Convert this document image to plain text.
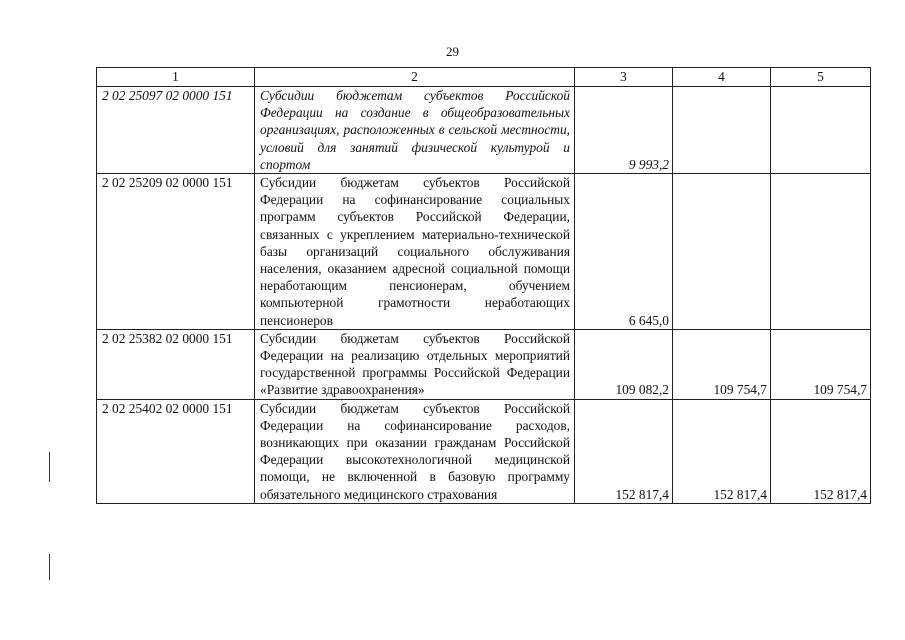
29
1	2	3	4	5
2 02 25097 02 0000 151	Субсидии бюджетам субъектов Российской Федерации на создание в общеобразовательных организациях, расположенных в сельской местности, условий для занятий физической культурой и спортом	9 993,2		
2 02 25209 02 0000 151	Субсидии бюджетам субъектов Российской Федерации на софинансирование социальных программ субъектов Российской Федерации, связанных с укреплением материально-технической базы организаций социального обслуживания населения, оказанием адресной социальной помощи неработающим пенсионерам, обучением компьютерной грамотности неработающих пенсионеров	6 645,0		
2 02 25382 02 0000 151	Субсидии бюджетам субъектов Российской Федерации на реализацию отдельных мероприятий государственной программы Российской Федерации «Развитие здравоохранения»	109 082,2	109 754,7	109 754,7
2 02 25402 02 0000 151	Субсидии бюджетам субъектов Российской Федерации на софинансирование расходов, возникающих при оказании гражданам Российской Федерации высокотехнологичной медицинской помощи, не включенной в базовую программу обязательного медицинского страхования	152 817,4	152 817,4	152 817,4
